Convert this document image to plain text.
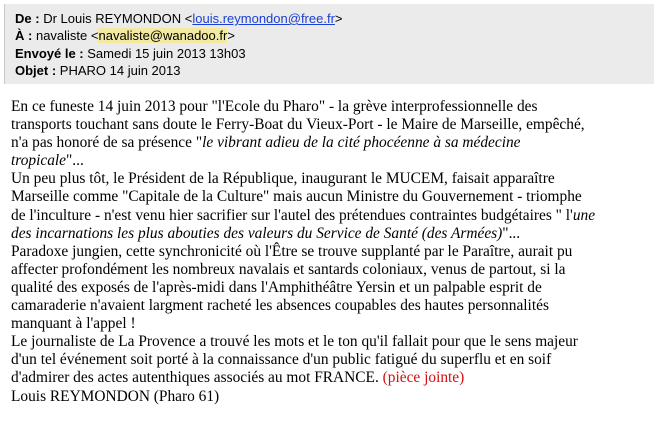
De : Dr Louis REYMONDON <louis.reymondon@free.fr>
À : navaliste <navaliste@wanadoo.fr>
Envoyé le : Samedi 15 juin 2013 13h03
Objet : PHARO 14 juin 2013
En ce funeste 14 juin 2013 pour "l'Ecole du Pharo" - la grève interprofessionnelle des
transports touchant sans doute le Ferry-Boat du Vieux-Port - le Maire de Marseille, empêché,
n'a pas honoré de sa présence "le vibrant adieu de la cité phocéenne à sa médecine
tropicale"...
Un peu plus tôt, le Président de la République, inaugurant le MUCEM, faisait apparaître
Marseille comme "Capitale de la Culture" mais aucun Ministre du Gouvernement - triomphe
de l'inculture - n'est venu hier sacrifier sur l'autel des prétendues contraintes budgétaires " l'une
des incarnations les plus abouties des valeurs du Service de Santé (des Armées)"...
Paradoxe jungien, cette synchronicité où l'Être se trouve supplanté par le Paraître, aurait pu
affecter profondément les nombreux navalais et santards coloniaux, venus de partout, si la
qualité des exposés de l'après-midi dans l'Amphithéâtre Yersin et un palpable esprit de
camaraderie n'avaient largment racheté les absences coupables des hautes personnalités
manquant à l'appel !
Le journaliste de La Provence a trouvé les mots et le ton qu'il fallait pour que le sens majeur
d'un tel événement soit porté à la connaissance d'un public fatigué du superflu et en soif
d'admirer des actes autenthiques associés au mot FRANCE. (pièce jointe)
Louis REYMONDON (Pharo 61)
